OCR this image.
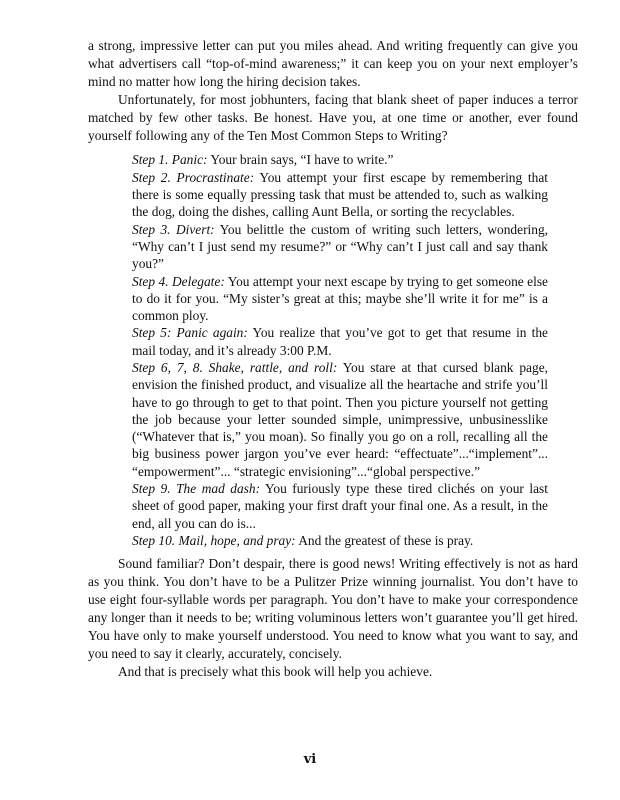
a strong, impressive letter can put you miles ahead. And writing frequently can give you what advertisers call “top-of-mind awareness;” it can keep you on your next employer’s mind no matter how long the hiring decision takes.

Unfortunately, for most jobhunters, facing that blank sheet of paper induces a terror matched by few other tasks. Be honest. Have you, at one time or another, ever found yourself following any of the Ten Most Common Steps to Writing?

Step 1. Panic: Your brain says, “I have to write.”

Step 2. Procrastinate: You attempt your first escape by remembering that there is some equally pressing task that must be attended to, such as walking the dog, doing the dishes, calling Aunt Bella, or sorting the recyclables.

Step 3. Divert: You belittle the custom of writing such letters, wondering, “Why can’t I just send my resume?” or “Why can’t I just call and say thank you?”

Step 4. Delegate: You attempt your next escape by trying to get someone else to do it for you. “My sister’s great at this; maybe she’ll write it for me” is a common ploy.

Step 5: Panic again: You realize that you’ve got to get that resume in the mail today, and it’s already 3:00 P.M.

Step 6, 7, 8. Shake, rattle, and roll: You stare at that cursed blank page, envision the finished product, and visualize all the heartache and strife you’ll have to go through to get to that point. Then you picture yourself not getting the job because your letter sounded simple, unimpressive, unbusinesslike (“Whatever that is,” you moan). So finally you go on a roll, recalling all the big business power jargon you’ve ever heard: “effectuate”...“implement”... “empowerment”... “strategic envisioning”...“global perspective.”

Step 9. The mad dash: You furiously type these tired clichés on your last sheet of good paper, making your first draft your final one. As a result, in the end, all you can do is...

Step 10. Mail, hope, and pray: And the greatest of these is pray.

Sound familiar? Don’t despair, there is good news! Writing effectively is not as hard as you think. You don’t have to be a Pulitzer Prize winning journalist. You don’t have to use eight four-syllable words per paragraph. You don’t have to make your correspondence any longer than it needs to be; writing voluminous letters won’t guarantee you’ll get hired. You have only to make yourself understood. You need to know what you want to say, and you need to say it clearly, accurately, concisely.

And that is precisely what this book will help you achieve.

vi
